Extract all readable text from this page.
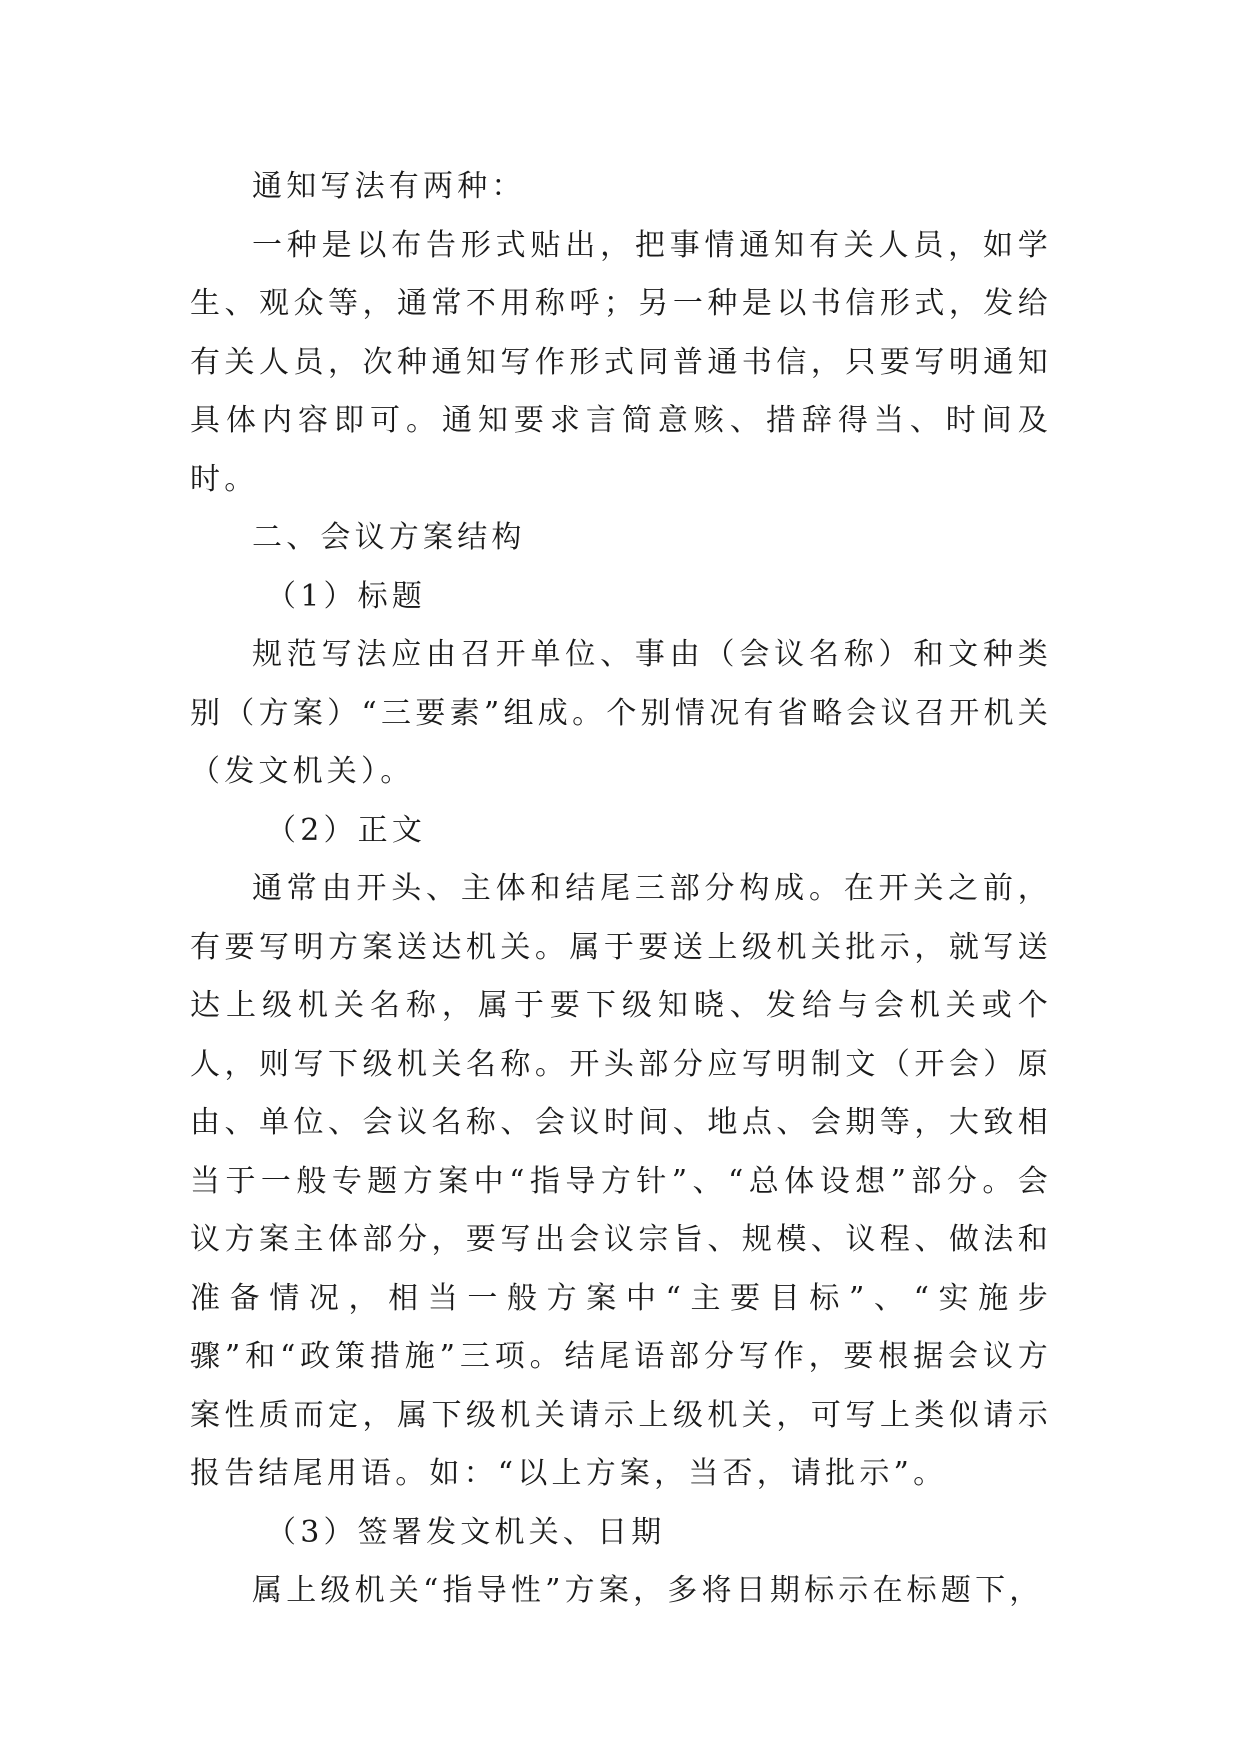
通知写法有两种：

一种是以布告形式贴出，把事情通知有关人员，如学生、观众等，通常不用称呼；另一种是以书信形式，发给有关人员，次种通知写作形式同普通书信，只要写明通知具体内容即可。通知要求言简意赅、措辞得当、时间及时。

二、会议方案结构

（1）标题

规范写法应由召开单位、事由（会议名称）和文种类别（方案）“三要素”组成。个别情况有省略会议召开机关（发文机关）。

（2）正文

通常由开头、主体和结尾三部分构成。在开关之前，有要写明方案送达机关。属于要送上级机关批示，就写送达上级机关名称，属于要下级知晓、发给与会机关或个人，则写下级机关名称。开头部分应写明制文（开会）原由、单位、会议名称、会议时间、地点、会期等，大致相当于一般专题方案中“指导方针”、“总体设想”部分。会议方案主体部分，要写出会议宗旨、规模、议程、做法和准备情况，相当一般方案中“主要目标”、“实施步骤”和“政策措施”三项。结尾语部分写作，要根据会议方案性质而定，属下级机关请示上级机关，可写上类似请示报告结尾用语。如：“以上方案，当否，请批示”。

（3）签署发文机关、日期

属上级机关“指导性”方案，多将日期标示在标题下，
